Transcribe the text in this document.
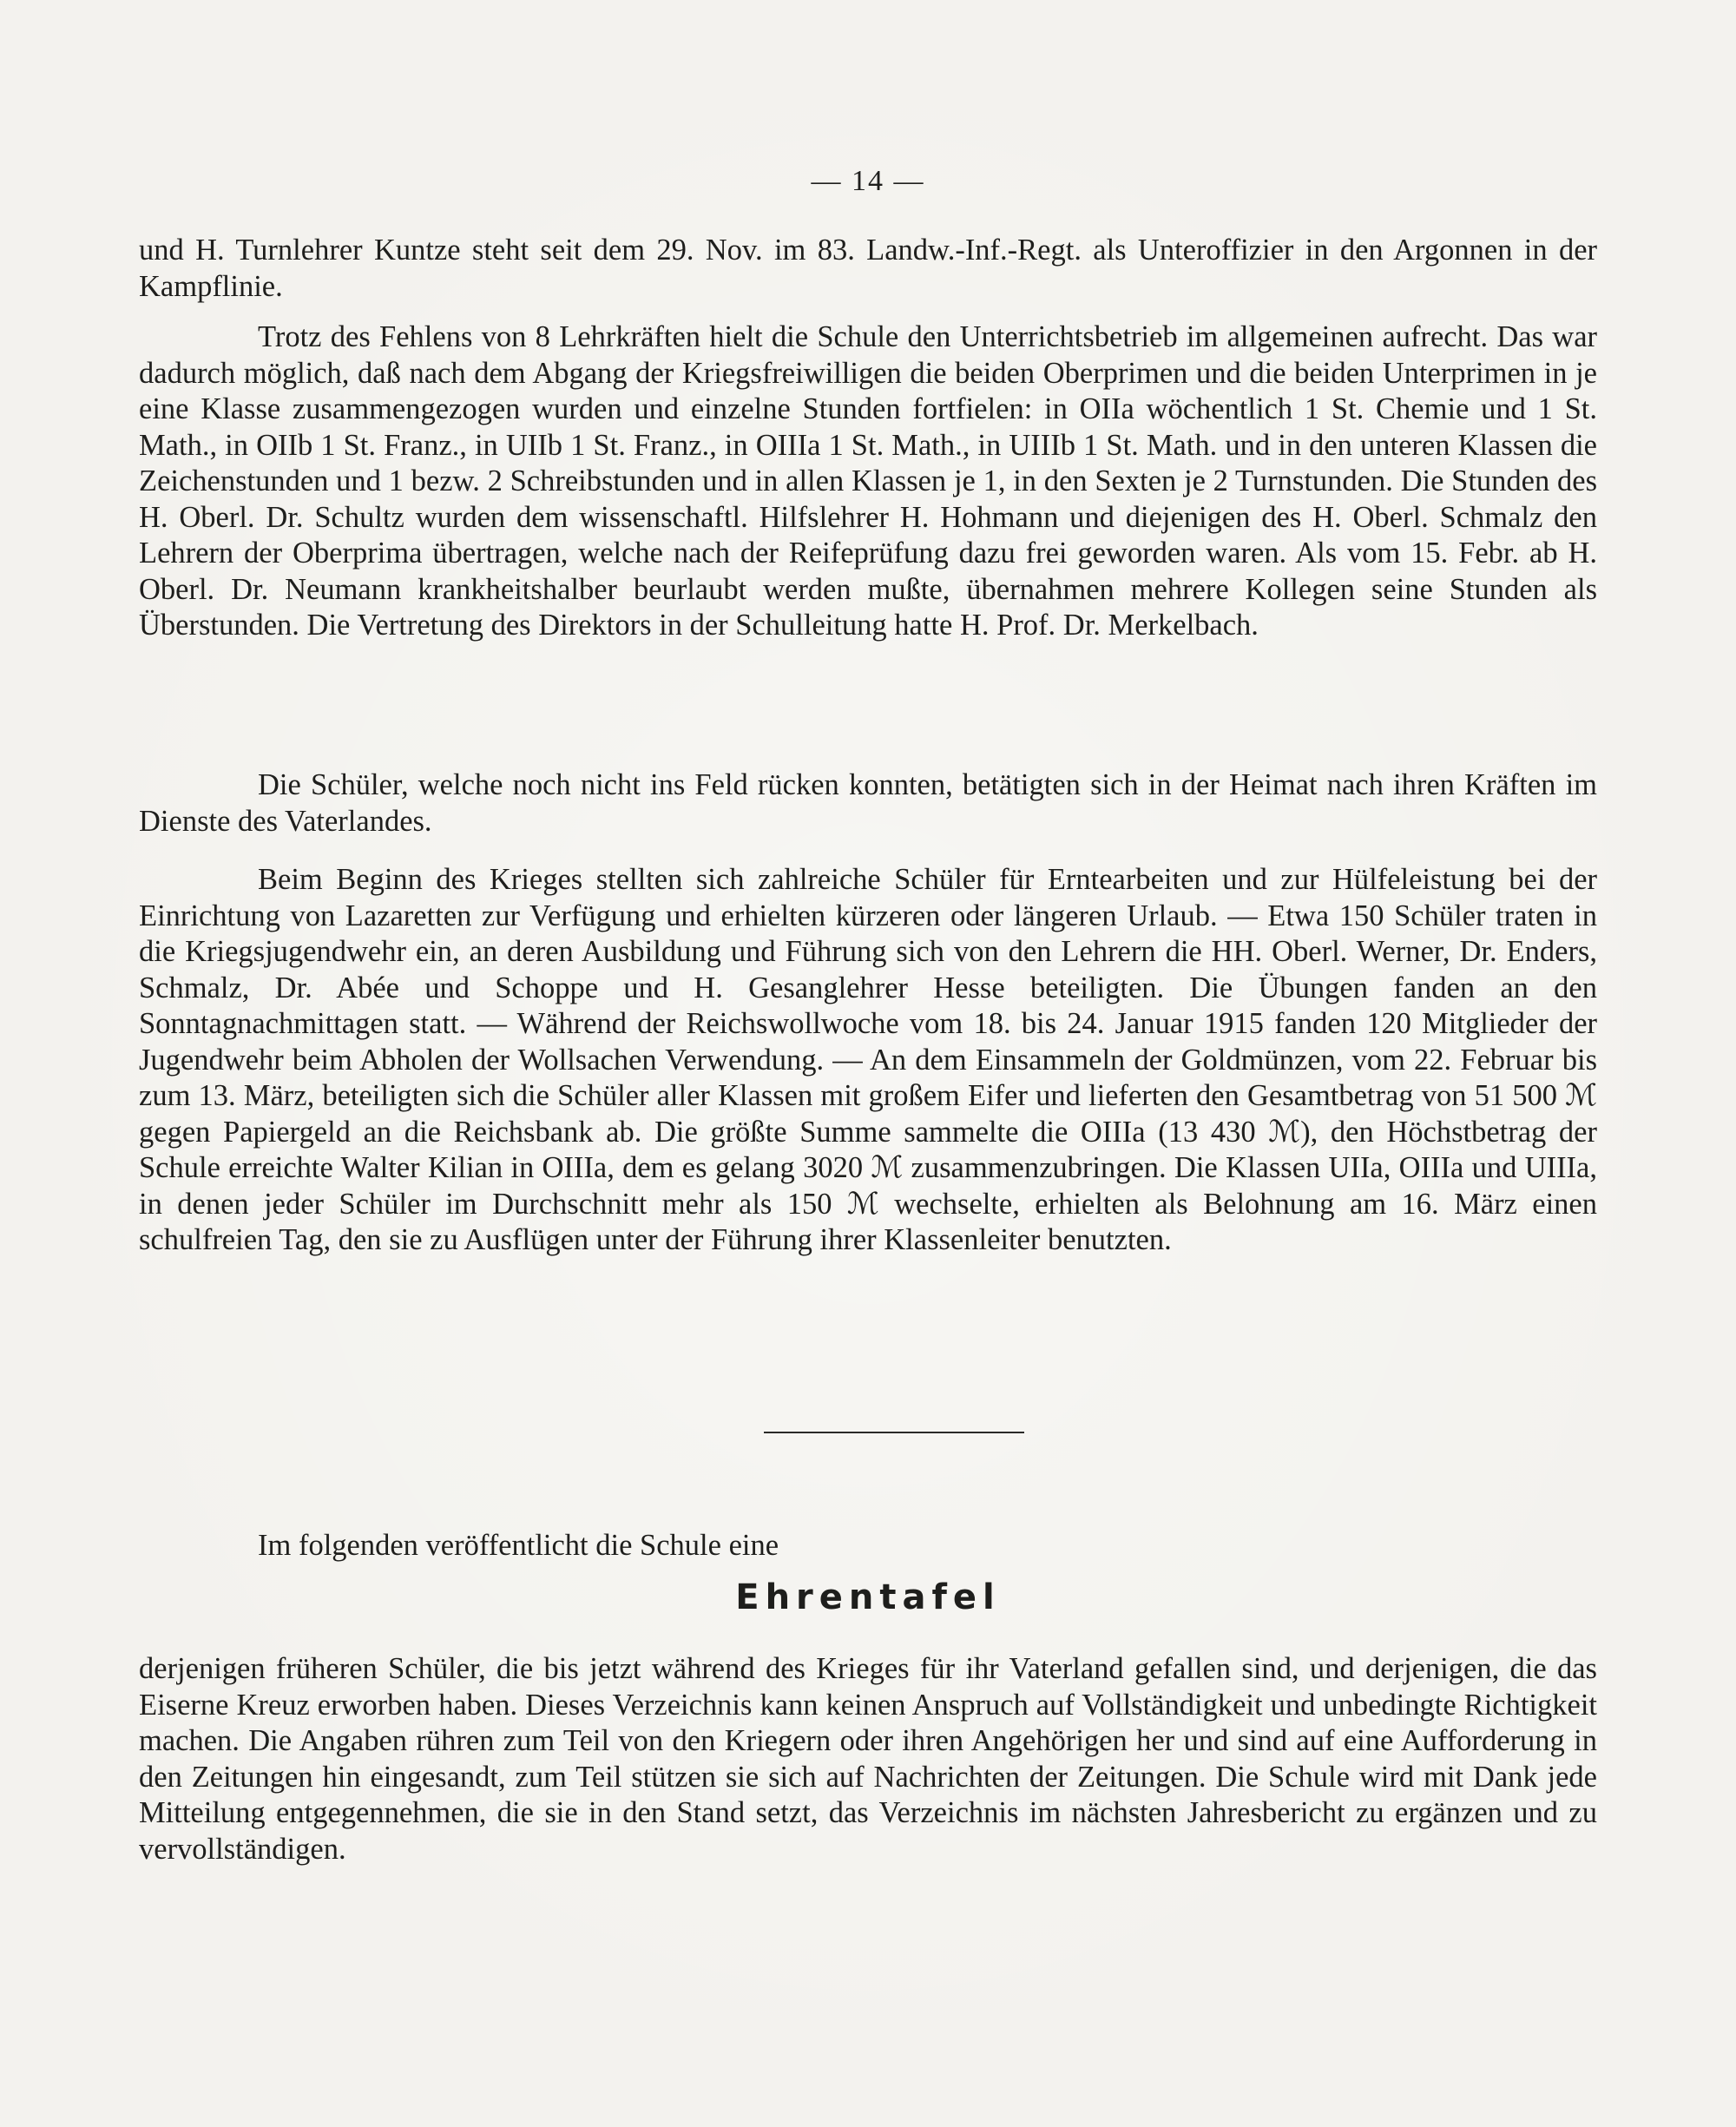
— 14 —

und H. Turnlehrer Kuntze steht seit dem 29. Nov. im 83. Landw.-Inf.-Regt. als Unteroffizier in den Argonnen in der Kampflinie.

Trotz des Fehlens von 8 Lehrkräften hielt die Schule den Unterrichtsbetrieb im allgemeinen aufrecht. Das war dadurch möglich, daß nach dem Abgang der Kriegsfreiwilligen die beiden Oberprimen und die beiden Unterprimen in je eine Klasse zusammengezogen wurden und einzelne Stunden fortfielen: in OIIa wöchentlich 1 St. Chemie und 1 St. Math., in OIIb 1 St. Franz., in UIIb 1 St. Franz., in OIIIa 1 St. Math., in UIIIb 1 St. Math. und in den unteren Klassen die Zeichenstunden und 1 bezw. 2 Schreibstunden und in allen Klassen je 1, in den Sexten je 2 Turnstunden. Die Stunden des H. Oberl. Dr. Schultz wurden dem wissenschaftl. Hilfslehrer H. Hohmann und diejenigen des H. Oberl. Schmalz den Lehrern der Oberprima übertragen, welche nach der Reifeprüfung dazu frei geworden waren. Als vom 15. Febr. ab H. Oberl. Dr. Neumann krankheitshalber beurlaubt werden mußte, übernahmen mehrere Kollegen seine Stunden als Überstunden. Die Vertretung des Direktors in der Schulleitung hatte H. Prof. Dr. Merkelbach.

Die Schüler, welche noch nicht ins Feld rücken konnten, betätigten sich in der Heimat nach ihren Kräften im Dienste des Vaterlandes.

Beim Beginn des Krieges stellten sich zahlreiche Schüler für Erntearbeiten und zur Hülfeleistung bei der Einrichtung von Lazaretten zur Verfügung und erhielten kürzeren oder längeren Urlaub. — Etwa 150 Schüler traten in die Kriegsjugendwehr ein, an deren Ausbildung und Führung sich von den Lehrern die HH. Oberl. Werner, Dr. Enders, Schmalz, Dr. Abée und Schoppe und H. Gesanglehrer Hesse beteiligten. Die Übungen fanden an den Sonntagnachmittagen statt. — Während der Reichswollwoche vom 18. bis 24. Januar 1915 fanden 120 Mitglieder der Jugendwehr beim Abholen der Wollsachen Verwendung. — An dem Einsammeln der Goldmünzen, vom 22. Februar bis zum 13. März, beteiligten sich die Schüler aller Klassen mit großem Eifer und lieferten den Gesamtbetrag von 51 500 ℳ gegen Papiergeld an die Reichsbank ab. Die größte Summe sammelte die OIIIa (13 430 ℳ), den Höchstbetrag der Schule erreichte Walter Kilian in OIIIa, dem es gelang 3020 ℳ zusammenzubringen. Die Klassen UIIa, OIIIa und UIIIa, in denen jeder Schüler im Durchschnitt mehr als 150 ℳ wechselte, erhielten als Belohnung am 16. März einen schulfreien Tag, den sie zu Ausflügen unter der Führung ihrer Klassenleiter benutzten.

Im folgenden veröffentlicht die Schule eine
Ehrentafel

derjenigen früheren Schüler, die bis jetzt während des Krieges für ihr Vaterland gefallen sind, und derjenigen, die das Eiserne Kreuz erworben haben. Dieses Verzeichnis kann keinen Anspruch auf Vollständigkeit und unbedingte Richtigkeit machen. Die Angaben rühren zum Teil von den Kriegern oder ihren Angehörigen her und sind auf eine Aufforderung in den Zeitungen hin eingesandt, zum Teil stützen sie sich auf Nachrichten der Zeitungen. Die Schule wird mit Dank jede Mitteilung entgegennehmen, die sie in den Stand setzt, das Verzeichnis im nächsten Jahresbericht zu ergänzen und zu vervollständigen.
